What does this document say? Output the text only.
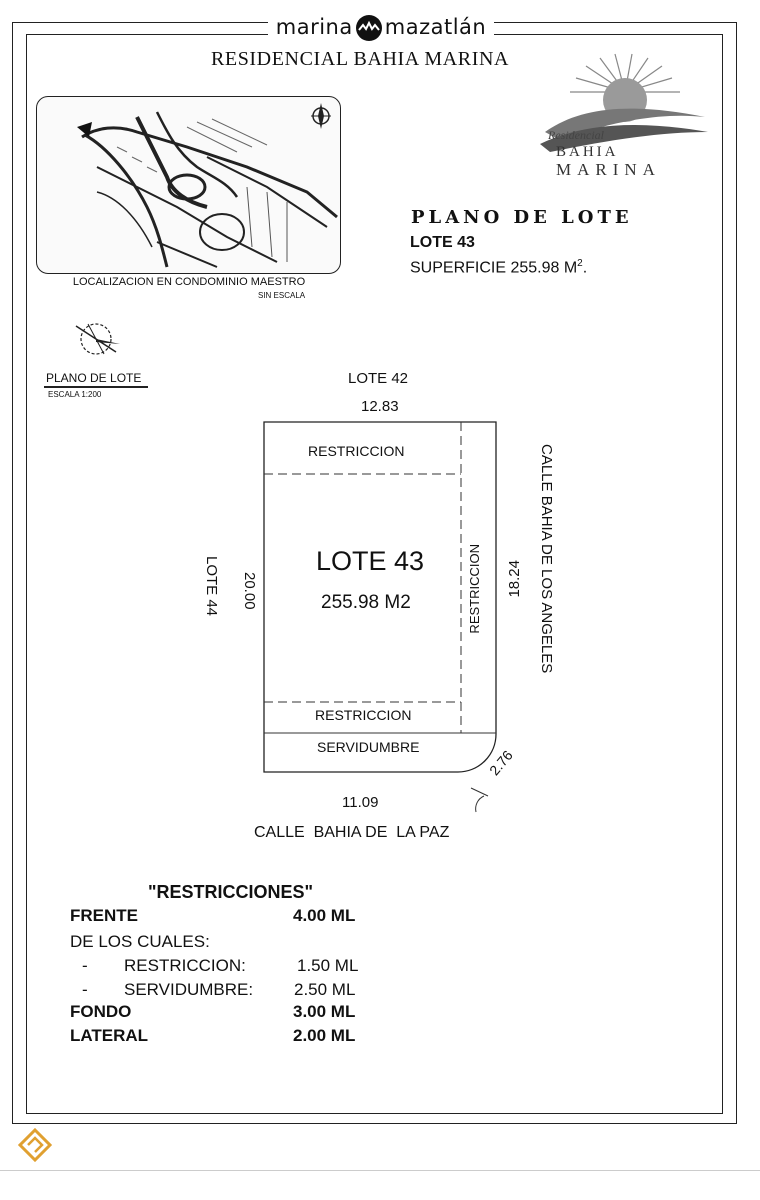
marina mazatlán
RESIDENCIAL BAHIA MARINA
LOCALIZACION EN CONDOMINIO MAESTRO
SIN ESCALA
Residencial
BAHIA
MARINA
PLANO DE LOTE
LOTE 43
SUPERFICIE 255.98 $M^2$.
PLANO DE LOTE
ESCALA 1:200
LOTE 42
12.83
RESTRICCION
LOTE 44 20.00	RESTRICCION 18.24 CALLE BAHIA DE LOS ANGELES
LOTE 43
255.98 M2
RESTRICCION
SERVIDUMBRE
2.76
11.09
CALLE  BAHIA DE  LA PAZ
"RESTRICCIONES"
FRENTE	4.00 ML
DE LOS CUALES:
- RESTRICCION:	1.50 ML
- SERVIDUMBRE: 2.50 ML
FONDO	3.00 ML
LATERAL	2.00 ML
